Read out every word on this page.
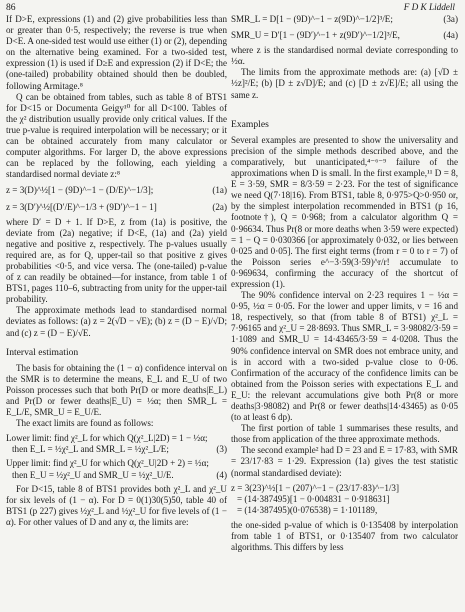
86	F D K Liddell

If D>E, expressions (1) and (2) give probabilities less than or greater than 0·5, respectively; the reverse is true when D<E. A one-sided test would use either (1) or (2), depending on the alternative being examined. For a two-sided test, expression (1) is used if D≥E and expression (2) if D<E; the (one-tailed) probability obtained should then be doubled, following Armitage.⁸

Q can be obtained from tables, such as table 8 of BTS1 for D<15 or Documenta Geigy¹⁰ for all D<100. Tables of the χ² distribution usually provide only critical values. If the true p-value is required interpolation will be necessary; or it can be obtained accurately from many calculator or computer algorithms. For larger D, the above expressions can be replaced by the following, each yielding a standardised normal deviate z:⁸

z = 3(D)^½[1 − (9D)^−1 − (D/E)^−1/3];	(1a)
z = 3(D′)^½[(D′/E)^−1/3 + (9D′)^−1 − 1]	(2a)

where D′ = D + 1. If D>E, z from (1a) is positive, the deviate from (2a) negative; if D<E, (1a) and (2a) yield negative and positive z, respectively. The p-values usually required are, as for Q, upper-tail so that positive z gives probabilities <0·5, and vice versa. The (one-tailed) p-value of z can readily be obtained—for instance, from table 1 of BTS1, pages 110–6, subtracting from unity for the upper-tail probability.

The approximate methods lead to standardised normal deviates as follows: (a) z = 2(√D − √E); (b) z = (D − E)/√D; and (c) z = (D − E)/√E.

Interval estimation

The basis for obtaining the (1 − α) confidence interval on the SMR is to determine the means, E_L and E_U of two Poisson processes such that both Pr(D or more deaths|E_L) and Pr(D or fewer deaths|E_U) = ½α; then SMR_L = E_L/E, SMR_U = E_U/E.

The exact limits are found as follows:

Lower limit: find χ²_L for which Q(χ²_L|2D) = 1 − ½α;

then E_L = ½χ²_L and SMR_L = ½χ²_L/E;	(3)

Upper limit: find χ²_U for which Q(χ²_U|2D + 2) = ½α;

then E_U = ½χ²_U and SMR_U = ½χ²_U/E.	(4)

For D<15, table 8 of BTS1 provides both χ²_L and χ²_U for six levels of (1 − α). For D = 0(1)30(5)50, table 40 of BTS1 (p 227) gives ½χ²_L and ½χ²_U for five levels of (1 − α). For other values of D and any α, the limits are:

SMR_L = D[1 − (9D)^−1 − z(9D)^−1/2]³/E;	(3a)
SMR_U = D′[1 − (9D′)^−1 + z(9D′)^−1/2]³/E,	(4a)

where z is the standardised normal deviate corresponding to ½α.

The limits from the approximate methods are: (a) [√D ± ½z]²/E; (b) [D ± z√D]/E; and (c) [D ± z√E]/E; all using the same z.

Examples

Several examples are presented to show the universality and precision of the simple methods described above, and the comparatively, but unanticipated,⁴⁻⁶⁻⁹ failure of the approximations when D is small. In the first example,¹¹ D = 8, E = 3·59, SMR = 8/3·59 = 2·23. For the test of significance we need Q(7·18|16). From BTS1, table 8, 0·975>Q>0·950 or, by the simplest interpolation recommended in BTS1 (p 16, footnote†), Q = 0·968; from a calculator algorithm Q = 0·96634. Thus Pr(8 or more deaths when 3·59 were expected) = 1 − Q = 0·030366 [or approximately 0·032, or lies between 0·025 and 0·05]. The first eight terms (from r = 0 to r = 7) of the Poisson series e^−3·59(3·59)^r/r! accumulate to 0·969634, confirming the accuracy of the shortcut of expression (1).

The 90% confidence interval on 2·23 requires 1 − ½α = 0·95, ½α = 0·05. For the lower and upper limits, ν = 16 and 18, respectively, so that (from table 8 of BTS1) χ²_L = 7·96165 and χ²_U = 28·8693. Thus SMR_L = 3·98082/3·59 = 1·1089 and SMR_U = 14·43465/3·59 = 4·0208. Thus the 90% confidence interval on SMR does not embrace unity, and is in accord with a two-sided p-value close to 0·06. Confirmation of the accuracy of the confidence limits can be obtained from the Poisson series with expectations E_L and E_U: the relevant accumulations give both Pr(8 or more deaths|3·98082) and Pr(8 or fewer deaths|14·43465) as 0·05 (to at least 6 dp).

The first portion of table 1 summarises these results, and those from application of the three approximate methods.

The second example² had D = 23 and E = 17·83, with SMR = 23/17·83 = 1·29. Expression (1a) gives the test statistic (normal standardised deviate):

z = 3(23)^½[1 − (207)^−1 − (23/17·83)^−1/3]

= (14·387495)[1 − 0·004831 − 0·918631]

= (14·387495)(0·076538) = 1·101189,

the one-sided p-value of which is 0·135408 by interpolation from table 1 of BTS1, or 0·135407 from two calculator algorithms. This differs by less
